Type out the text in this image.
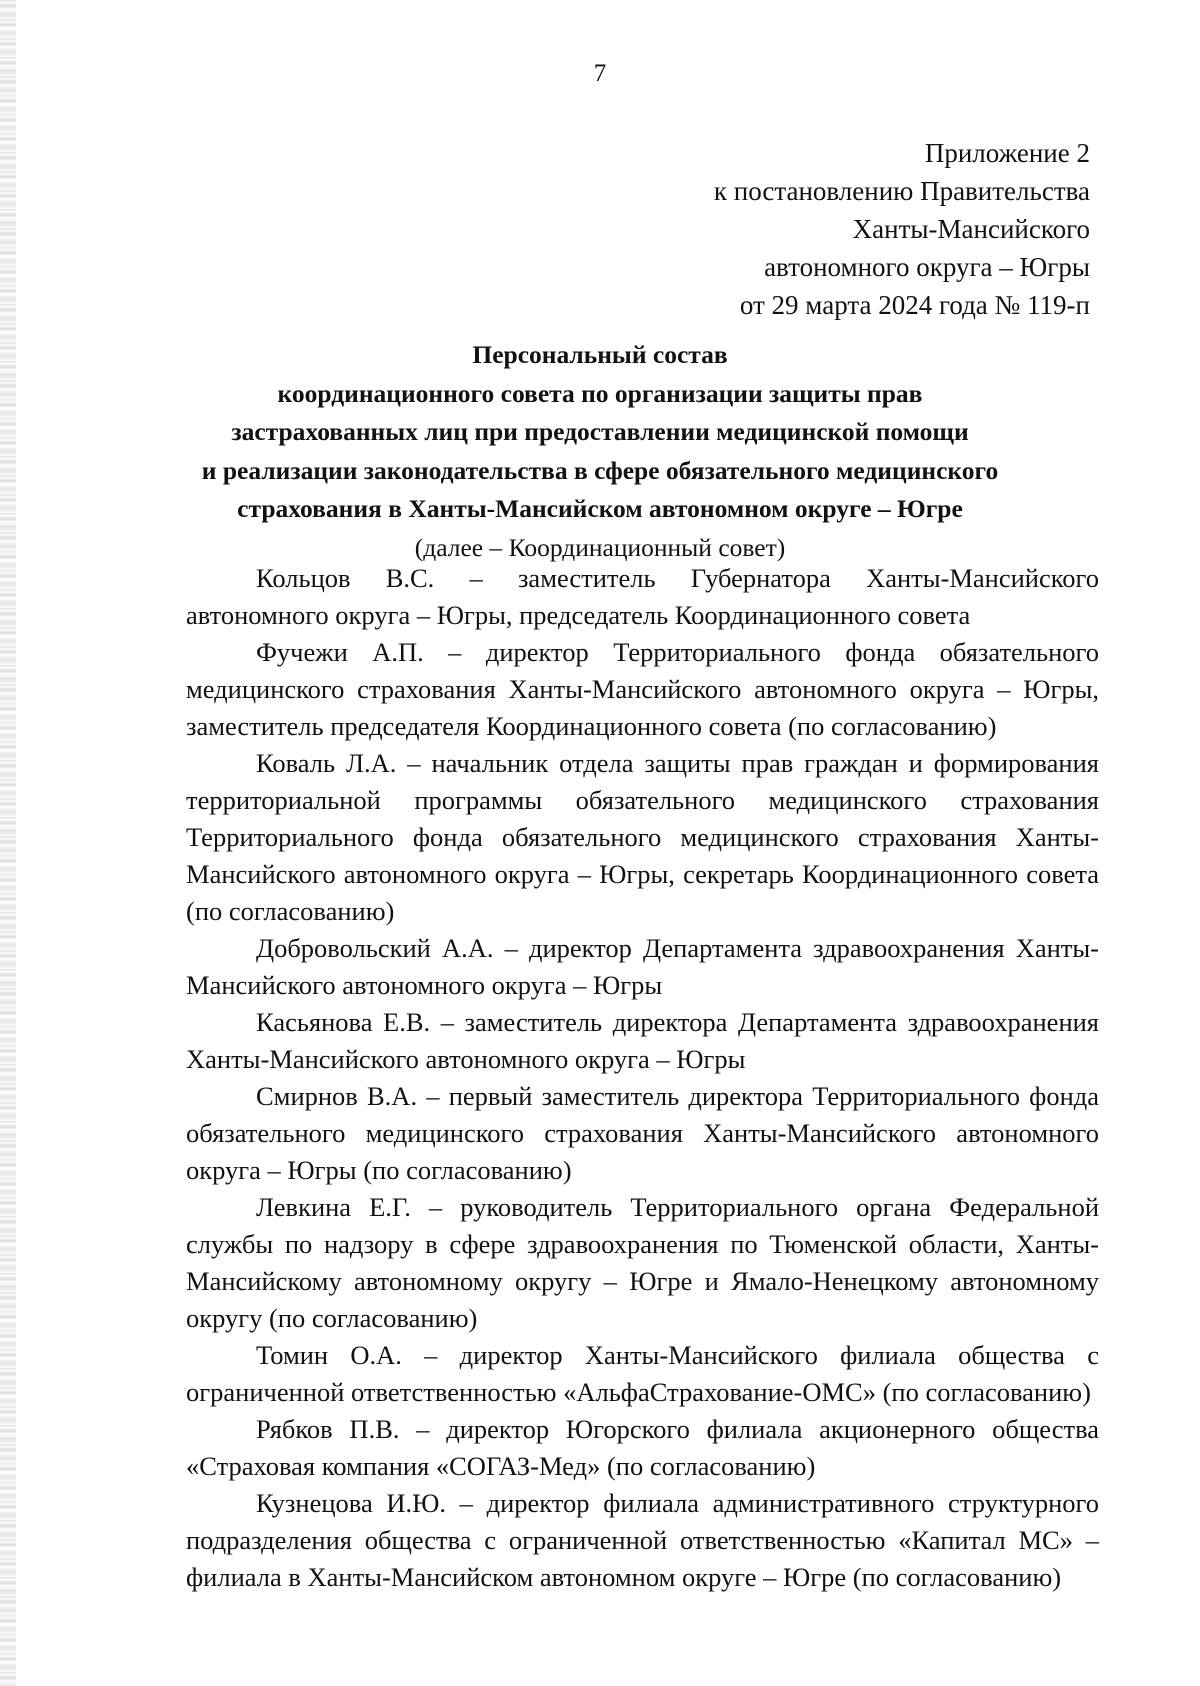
7
Приложение 2
к постановлению Правительства
Ханты-Мансийского
автономного округа – Югры
от 29 марта 2024 года № 119-п
Персональный состав
координационного совета по организации защиты прав
застрахованных лиц при предоставлении медицинской помощи
и реализации законодательства в сфере обязательного медицинского
страхования в Ханты-Мансийском автономном округе – Югре
(далее – Координационный совет)

Кольцов В.С. – заместитель Губернатора Ханты-Мансийского автономного округа – Югры, председатель Координационного совета

Фучежи А.П. – директор Территориального фонда обязательного медицинского страхования Ханты-Мансийского автономного округа – Югры, заместитель председателя Координационного совета (по согласованию)

Коваль Л.А. – начальник отдела защиты прав граждан и формирования территориальной программы обязательного медицинского страхования Территориального фонда обязательного медицинского страхования Ханты-Мансийского автономного округа – Югры, секретарь Координационного совета (по согласованию)

Добровольский А.А. – директор Департамента здравоохранения Ханты-Мансийского автономного округа – Югры

Касьянова Е.В. – заместитель директора Департамента здравоохранения Ханты-Мансийского автономного округа – Югры

Смирнов В.А. – первый заместитель директора Территориального фонда обязательного медицинского страхования Ханты-Мансийского автономного округа – Югры (по согласованию)

Левкина Е.Г. – руководитель Территориального органа Федеральной службы по надзору в сфере здравоохранения по Тюменской области, Ханты-Мансийскому автономному округу – Югре и Ямало-Ненецкому автономному округу (по согласованию)

Томин О.А. – директор Ханты-Мансийского филиала общества с ограниченной ответственностью «АльфаСтрахование-ОМС» (по согласованию)

Рябков П.В. – директор Югорского филиала акционерного общества «Страховая компания «СОГАЗ-Мед» (по согласованию)

Кузнецова И.Ю. – директор филиала административного структурного подразделения общества с ограниченной ответственностью «Капитал МС» – филиала в Ханты-Мансийском автономном округе – Югре (по согласованию)
